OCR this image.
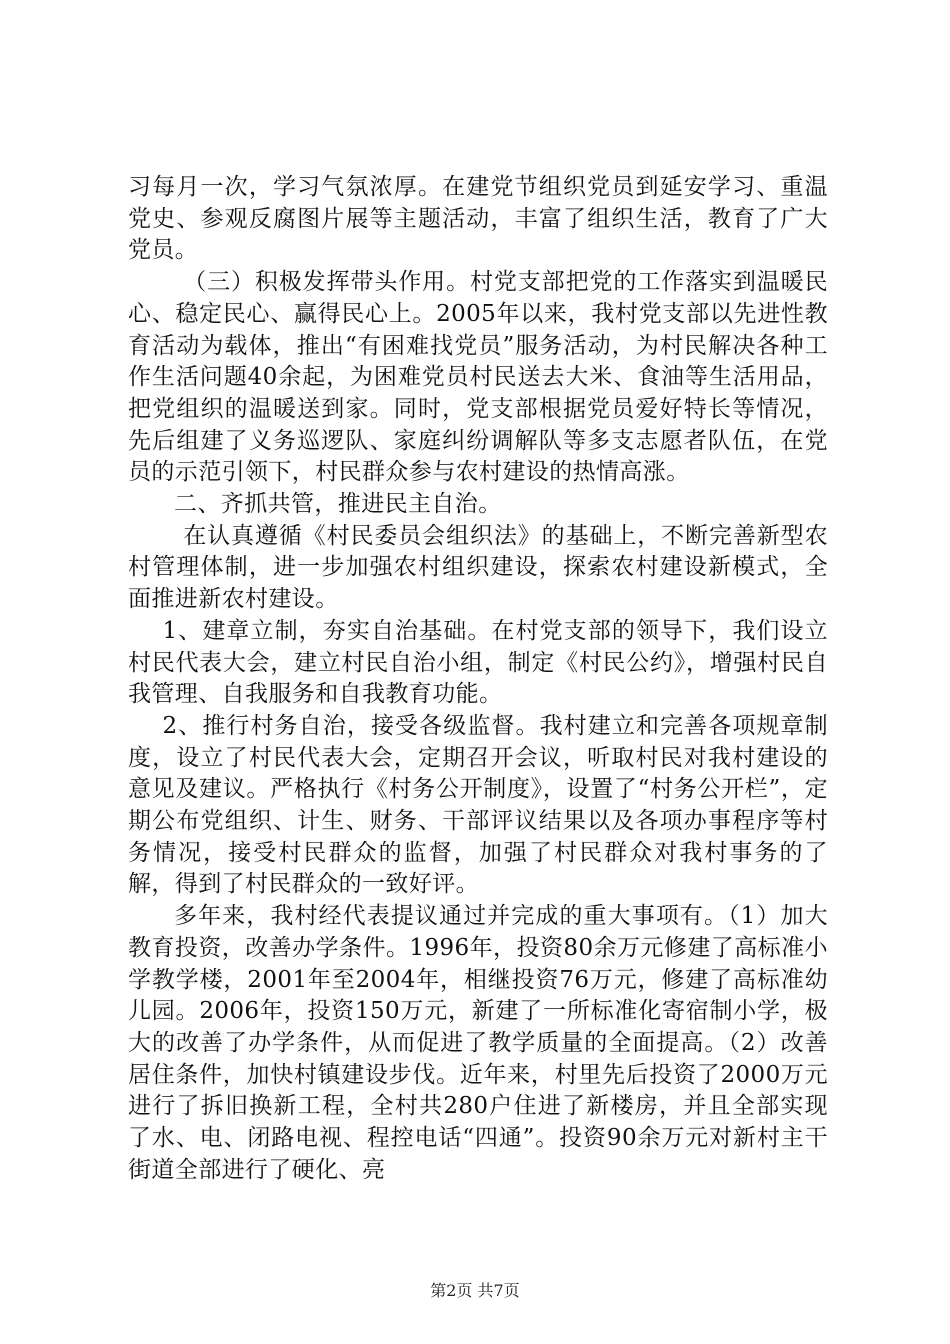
习每月一次，学习气氛浓厚。在建党节组织党员到延安学习、重温党史、参观反腐图片展等主题活动，丰富了组织生活，教育了广大党员。

（三）积极发挥带头作用。村党支部把党的工作落实到温暖民心、稳定民心、赢得民心上。2005年以来，我村党支部以先进性教育活动为载体，推出“有困难找党员”服务活动，为村民解决各种工作生活问题40余起，为困难党员村民送去大米、食油等生活用品，把党组织的温暖送到家。同时，党支部根据党员爱好特长等情况，先后组建了义务巡逻队、家庭纠纷调解队等多支志愿者队伍，在党员的示范引领下，村民群众参与农村建设的热情高涨。

二、齐抓共管，推进民主自治。

在认真遵循《村民委员会组织法》的基础上，不断完善新型农村管理体制，进一步加强农村组织建设，探索农村建设新模式，全面推进新农村建设。

1、建章立制，夯实自治基础。在村党支部的领导下，我们设立村民代表大会，建立村民自治小组，制定《村民公约》，增强村民自我管理、自我服务和自我教育功能。

2、推行村务自治，接受各级监督。我村建立和完善各项规章制度，设立了村民代表大会，定期召开会议，听取村民对我村建设的意见及建议。严格执行《村务公开制度》，设置了“村务公开栏”，定期公布党组织、计生、财务、干部评议结果以及各项办事程序等村务情况，接受村民群众的监督，加强了村民群众对我村事务的了解，得到了村民群众的一致好评。

多年来，我村经代表提议通过并完成的重大事项有。（1）加大教育投资，改善办学条件。1996年，投资80余万元修建了高标准小学教学楼，2001年至2004年，相继投资76万元，修建了高标准幼儿园。2006年，投资150万元，新建了一所标准化寄宿制小学，极大的改善了办学条件，从而促进了教学质量的全面提高。（2）改善居住条件，加快村镇建设步伐。近年来，村里先后投资了2000万元进行了拆旧换新工程，全村共280户住进了新楼房，并且全部实现了水、电、闭路电视、程控电话“四通”。投资90余万元对新村主干街道全部进行了硬化、亮

第2页 共7页
